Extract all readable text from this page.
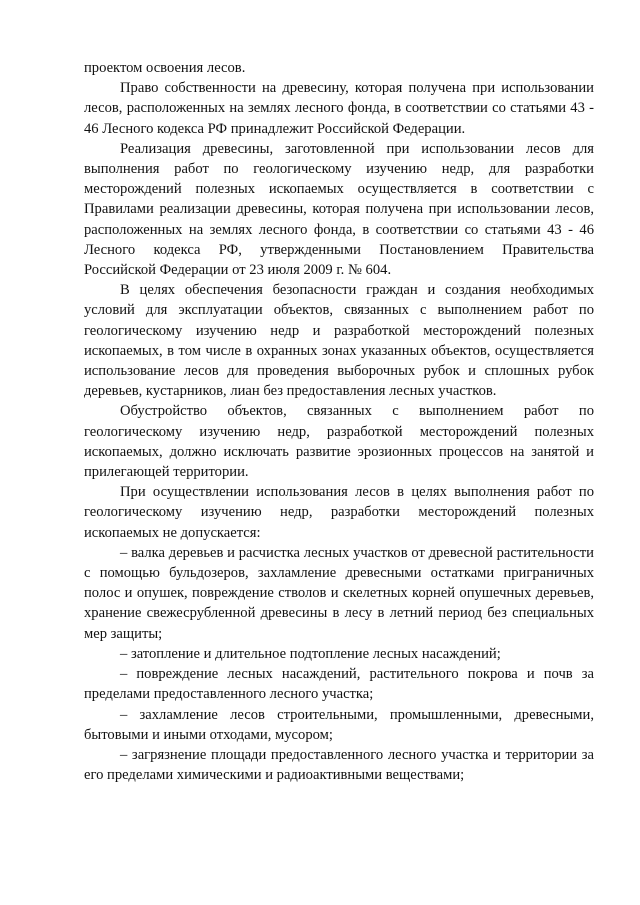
проектом освоения лесов.

Право собственности на древесину, которая получена при использовании лесов, расположенных на землях лесного фонда, в соответствии со статьями 43 - 46 Лесного кодекса РФ принадлежит Российской Федерации.

Реализация древесины, заготовленной при использовании лесов для выполнения работ по геологическому изучению недр, для разработки месторождений полезных ископаемых осуществляется в соответствии с Правилами реализации древесины, которая получена при использовании лесов, расположенных на землях лесного фонда, в соответствии со статьями 43 - 46 Лесного кодекса РФ, утвержденными Постановлением Правительства Российской Федерации от 23 июля 2009 г. № 604.

В целях обеспечения безопасности граждан и создания необходимых условий для эксплуатации объектов, связанных с выполнением работ по геологическому изучению недр и разработкой месторождений полезных ископаемых, в том числе в охранных зонах указанных объектов, осуществляется использование лесов для проведения выборочных рубок и сплошных рубок деревьев, кустарников, лиан без предоставления лесных участков.

Обустройство объектов, связанных с выполнением работ по геологическому изучению недр, разработкой месторождений полезных ископаемых, должно исключать развитие эрозионных процессов на занятой и прилегающей территории.

При осуществлении использования лесов в целях выполнения работ по геологическому изучению недр, разработки месторождений полезных ископаемых не допускается:

– валка деревьев и расчистка лесных участков от древесной растительности с помощью бульдозеров, захламление древесными остатками приграничных полос и опушек, повреждение стволов и скелетных корней опушечных деревьев, хранение свежесрубленной древесины в лесу в летний период без специальных мер защиты;

– затопление и длительное подтопление лесных насаждений;

– повреждение лесных насаждений, растительного покрова и почв за пределами предоставленного лесного участка;

– захламление лесов строительными, промышленными, древесными, бытовыми и иными отходами, мусором;

– загрязнение площади предоставленного лесного участка и территории за его пределами химическими и радиоактивными веществами;
